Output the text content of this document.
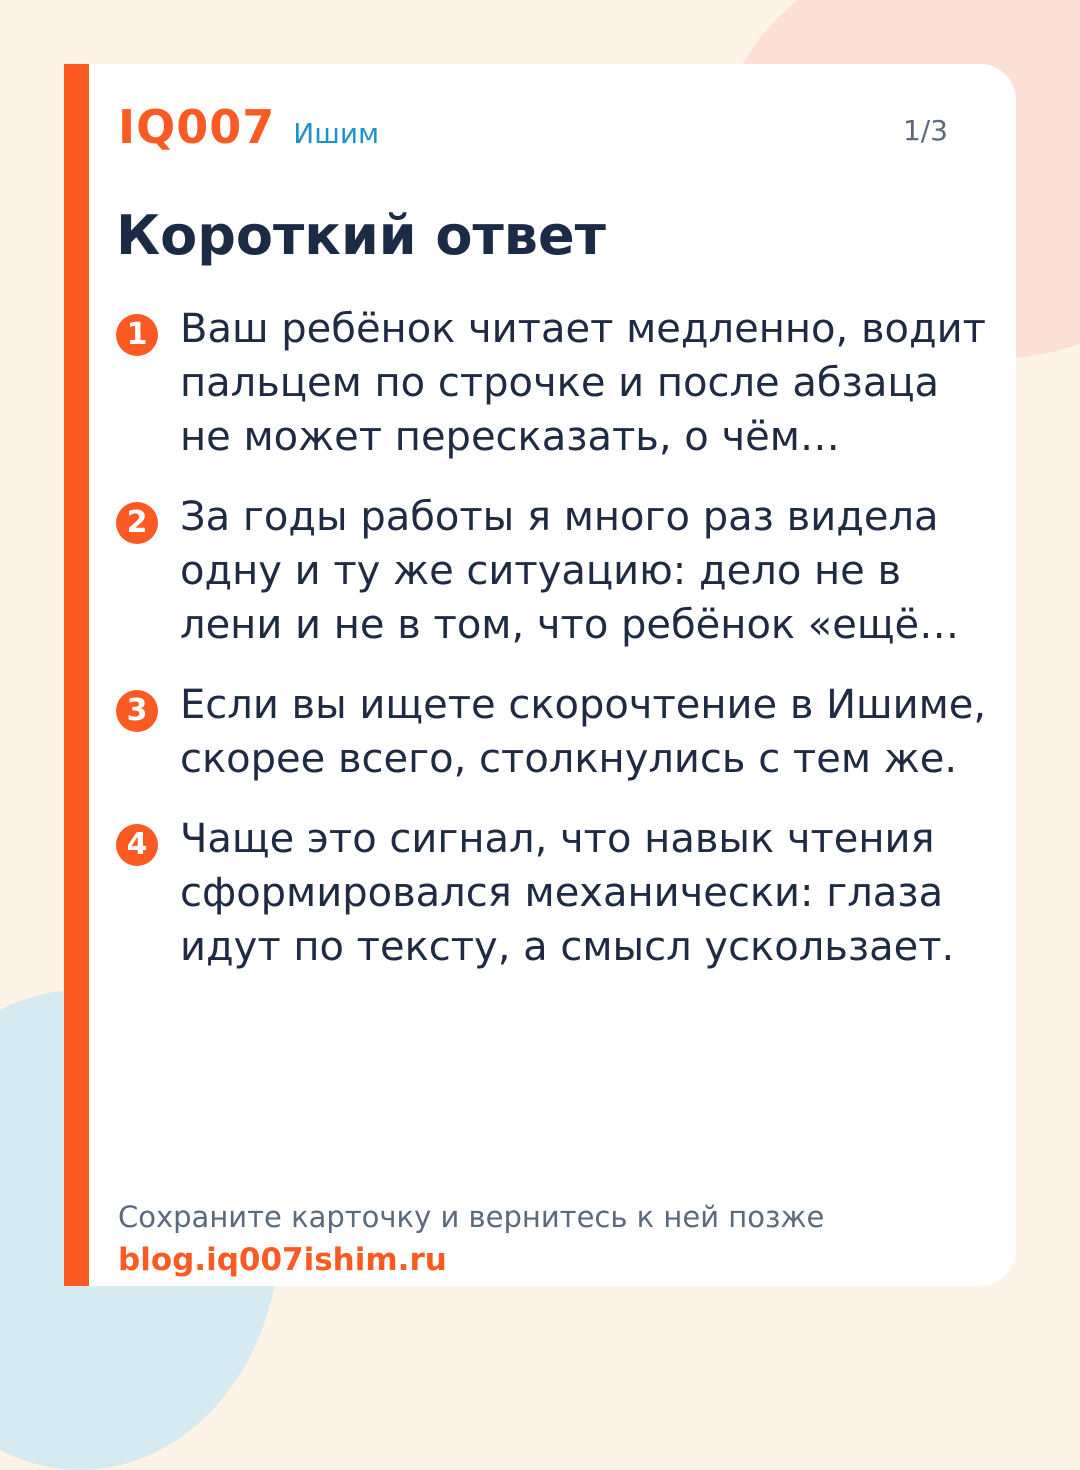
IQ007 Ишим	1/3
Короткий ответ
1 Ваш ребёнок читает медленно, водит пальцем по строчке и после абзаца не может пересказать, о чём…
2 За годы работы я много раз видела одну и ту же ситуацию: дело не в лени и не в том, что ребёнок «ещё…
3 Если вы ищете скорочтение в Ишиме, скорее всего, столкнулись с тем же.
4 Чаще это сигнал, что навык чтения сформировался механически: глаза идут по тексту, а смысл ускользает.
Сохраните карточку и вернитесь к ней позже
blog.iq007ishim.ru
